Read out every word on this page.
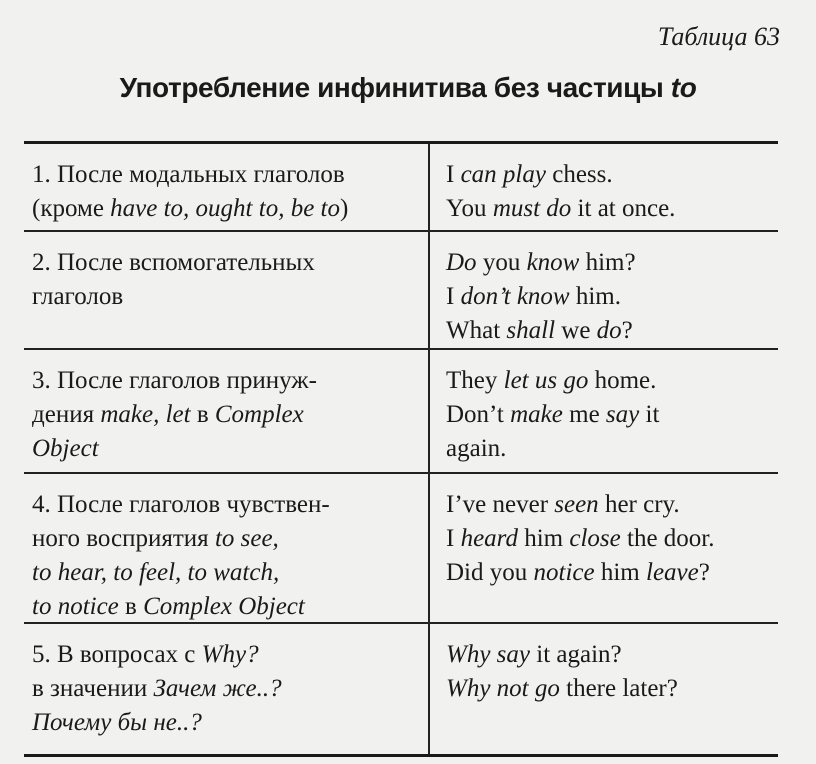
Таблица 63
Употребление инфинитива без частицы to
1. После модальных глаголов
(кроме have to, ought to, be to)
I can play chess.
You must do it at once.
2. После вспомогательных
глаголов
Do you know him?
I don’t know him.
What shall we do?
3. После глаголов принуж-
дения make, let в Complex
Object
They let us go home.
Don’t make me say it
again.
4. После глаголов чувствен-
ного восприятия to see,
to hear, to feel, to watch,
to notice в Complex Object
I’ve never seen her cry.
I heard him close the door.
Did you notice him leave?
5. В вопросах с Why?
в значении Зачем же..?
Почему бы не..?
Why say it again?
Why not go there later?
